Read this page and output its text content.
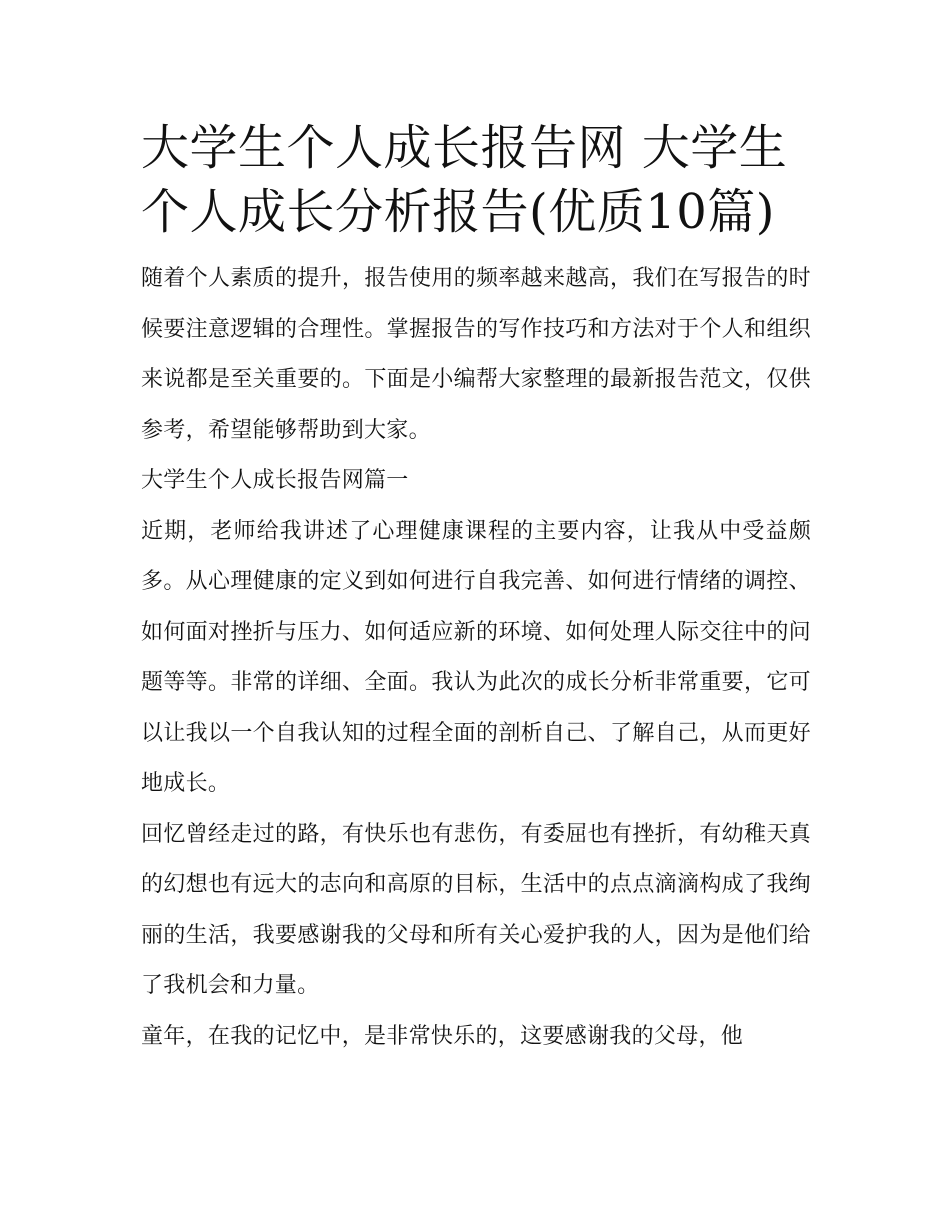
大学生个人成长报告网 大学生个人成长分析报告(优质10篇)

随着个人素质的提升，报告使用的频率越来越高，我们在写报告的时候要注意逻辑的合理性。掌握报告的写作技巧和方法对于个人和组织来说都是至关重要的。下面是小编帮大家整理的最新报告范文，仅供参考，希望能够帮助到大家。

大学生个人成长报告网篇一

近期，老师给我讲述了心理健康课程的主要内容，让我从中受益颇多。从心理健康的定义到如何进行自我完善、如何进行情绪的调控、如何面对挫折与压力、如何适应新的环境、如何处理人际交往中的问题等等。非常的详细、全面。我认为此次的成长分析非常重要，它可以让我以一个自我认知的过程全面的剖析自己、了解自己，从而更好地成长。

回忆曾经走过的路，有快乐也有悲伤，有委屈也有挫折，有幼稚天真的幻想也有远大的志向和高原的目标，生活中的点点滴滴构成了我绚丽的生活，我要感谢我的父母和所有关心爱护我的人，因为是他们给了我机会和力量。

童年，在我的记忆中，是非常快乐的，这要感谢我的父母，他
